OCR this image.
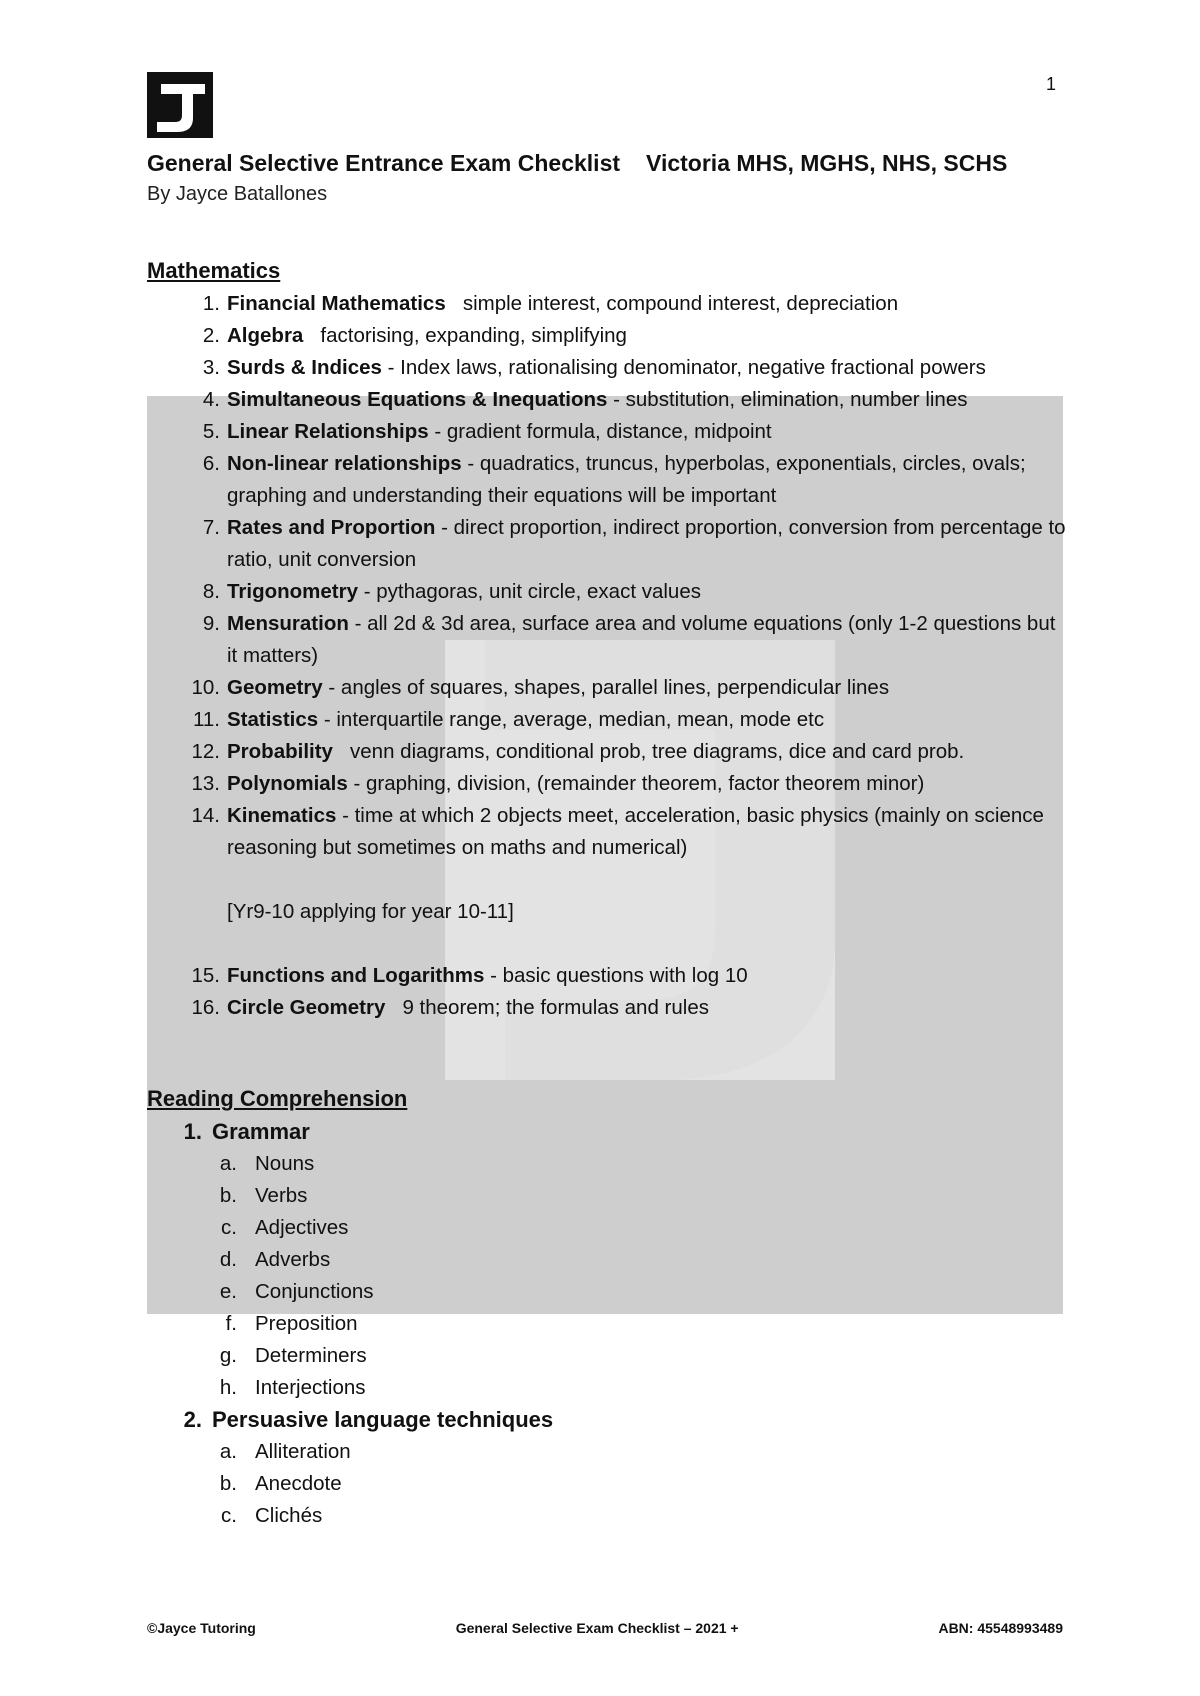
1
General Selective Entrance Exam Checklist Victoria MHS, MGHS, NHS, SCHS
By Jayce Batallones
Mathematics
1. Financial Mathematics   simple interest, compound interest, depreciation
2. Algebra   factorising, expanding, simplifying
3. Surds & Indices - Index laws, rationalising denominator, negative fractional powers
4. Simultaneous Equations & Inequations - substitution, elimination, number lines
5. Linear Relationships - gradient formula, distance, midpoint
6. Non-linear relationships - quadratics, truncus, hyperbolas, exponentials, circles, ovals; graphing and understanding their equations will be important
7. Rates and Proportion - direct proportion, indirect proportion, conversion from percentage to ratio, unit conversion
8. Trigonometry - pythagoras, unit circle, exact values
9. Mensuration - all 2d & 3d area, surface area and volume equations (only 1-2 questions but it matters)
10. Geometry - angles of squares, shapes, parallel lines, perpendicular lines
11. Statistics - interquartile range, average, median, mean, mode etc
12. Probability   venn diagrams, conditional prob, tree diagrams, dice and card prob.
13. Polynomials - graphing, division, (remainder theorem, factor theorem minor)
14. Kinematics - time at which 2 objects meet, acceleration, basic physics (mainly on science reasoning but sometimes on maths and numerical)
[Yr9-10 applying for year 10-11]
15. Functions and Logarithms - basic questions with log 10
16. Circle Geometry   9 theorem; the formulas and rules
Reading Comprehension
1. Grammar
a. Nouns
b. Verbs
c. Adjectives
d. Adverbs
e. Conjunctions
f. Preposition
g. Determiners
h. Interjections
2. Persuasive language techniques
a. Alliteration
b. Anecdote
c. Clichés
©Jayce Tutoring	General Selective Exam Checklist – 2021 +	ABN: 45548993489
